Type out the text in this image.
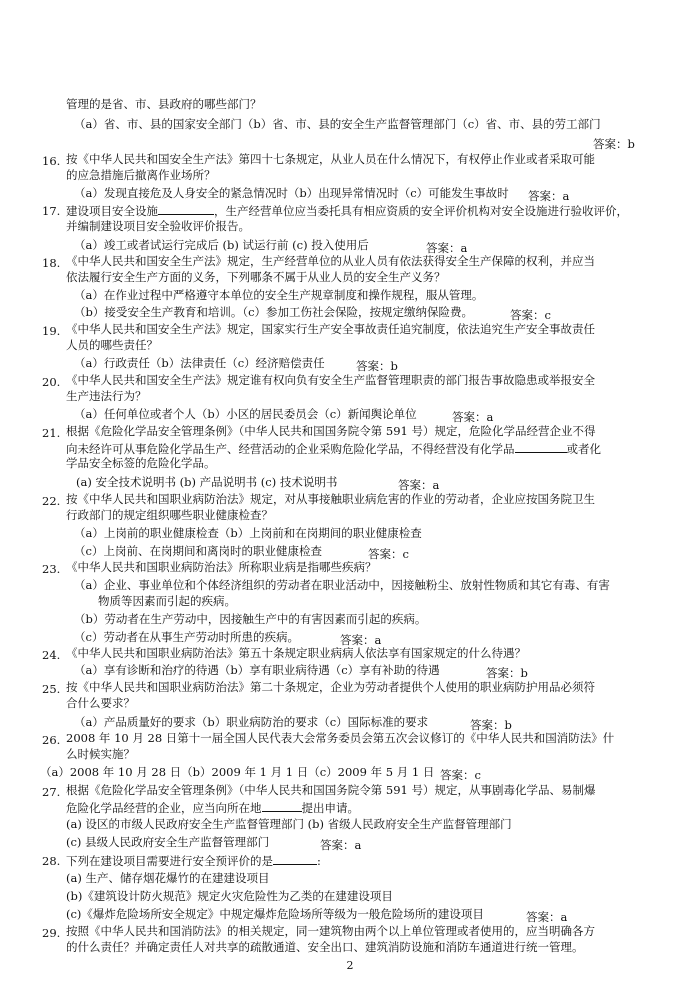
管理的是省、市、县政府的哪些部门？
（a）省、市、县的国家安全部门（b）省、市、县的安全生产监督管理部门（c）省、市、县的劳工部门
答案：b
16. 按《中华人民共和国安全生产法》第四十七条规定，从业人员在什么情况下，有权停止作业或者采取可能
的应急措施后撤离作业场所？
（a）发现直接危及人身安全的紧急情况时（b）出现异常情况时（c）可能发生事故时 答案：a
17. 建设项目安全设施	，生产经营单位应当委托具有相应资质的安全评价机构对安全设施进行验收评价，
并编制建设项目安全验收评价报告。
（a）竣工或者试运行完成后 (b) 试运行前 (c) 投入使用后	答案：a
18. 《中华人民共和国安全生产法》规定，生产经营单位的从业人员有依法获得安全生产保障的权利，并应当
依法履行安全生产方面的义务，下列哪条不属于从业人员的安全生产义务？
（a）在作业过程中严格遵守本单位的安全生产规章制度和操作规程，服从管理。
（b）接受安全生产教育和培训。（c）参加工伤社会保险，按规定缴纳保险费。	答案：c
19. 《中华人民共和国安全生产法》规定，国家实行生产安全事故责任追究制度，依法追究生产安全事故责任
人员的哪些责任？
（a）行政责任（b）法律责任（c）经济赔偿责任	答案：b
20. 《中华人民共和国安全生产法》规定谁有权向负有安全生产监督管理职责的部门报告事故隐患或举报安全
生产违法行为？
（a）任何单位或者个人（b）小区的居民委员会（c）新闻舆论单位	答案：a
21. 根据《危险化学品安全管理条例》（中华人民共和国国务院令第 591 号）规定，危险化学品经营企业不得
向未经许可从事危险化学品生产、经营活动的企业采购危险化学品，不得经营没有化学品	或者化
学品安全标签的危险化学品。
(a) 安全技术说明书 (b) 产品说明书 (c) 技术说明书	答案：a
22. 按《中华人民共和国职业病防治法》规定，对从事接触职业病危害的作业的劳动者，企业应按国务院卫生
行政部门的规定组织哪些职业健康检查？
（a）上岗前的职业健康检查（b）上岗前和在岗期间的职业健康检查
（c）上岗前、在岗期间和离岗时的职业健康检查	答案：c
23. 《中华人民共和国职业病防治法》所称职业病是指哪些疾病？
（a）企业、事业单位和个体经济组织的劳动者在职业活动中，因接触粉尘、放射性物质和其它有毒、有害
物质等因素而引起的疾病。
（b）劳动者在生产劳动中，因接触生产中的有害因素而引起的疾病。
（c）劳动者在从事生产劳动时所患的疾病。	答案：a
24. 《中华人民共和国职业病防治法》第五十条规定职业病病人依法享有国家规定的什么待遇？
（a）享有诊断和治疗的待遇（b）享有职业病待遇（c）享有补助的待遇	答案：b
25. 按《中华人民共和国职业病防治法》第二十条规定，企业为劳动者提供个人使用的职业病防护用品必须符
合什么要求？
（a）产品质量好的要求（b）职业病防治的要求（c）国际标准的要求	答案：b
26. 2008 年 10 月 28 日第十一届全国人民代表大会常务委员会第五次会议修订的《中华人民共和国消防法》什
么时候实施？
（a）2008 年 10 月 28 日（b）2009 年 1 月 1 日（c）2009 年 5 月 1 日 答案：c
27. 根据《危险化学品安全管理条例》（中华人民共和国国务院令第 591 号）规定，从事剧毒化学品、易制爆
危险化学品经营的企业，应当向所在地	提出申请。
(a) 设区的市级人民政府安全生产监督管理部门 (b) 省级人民政府安全生产监督管理部门
(c) 县级人民政府安全生产监督管理部门	答案：a
28. 下列在建设项目需要进行安全预评价的是	:
(a) 生产、储存烟花爆竹的在建建设项目
(b)《建筑设计防火规范》规定火灾危险性为乙类的在建建设项目
(c)《爆炸危险场所安全规定》中规定爆炸危险场所等级为一般危险场所的建设项目	答案：a
29. 按照《中华人民共和国消防法》的相关规定，同一建筑物由两个以上单位管理或者使用的，应当明确各方
的什么责任？并确定责任人对共享的疏散通道、安全出口、建筑消防设施和消防车通道进行统一管理。
2
